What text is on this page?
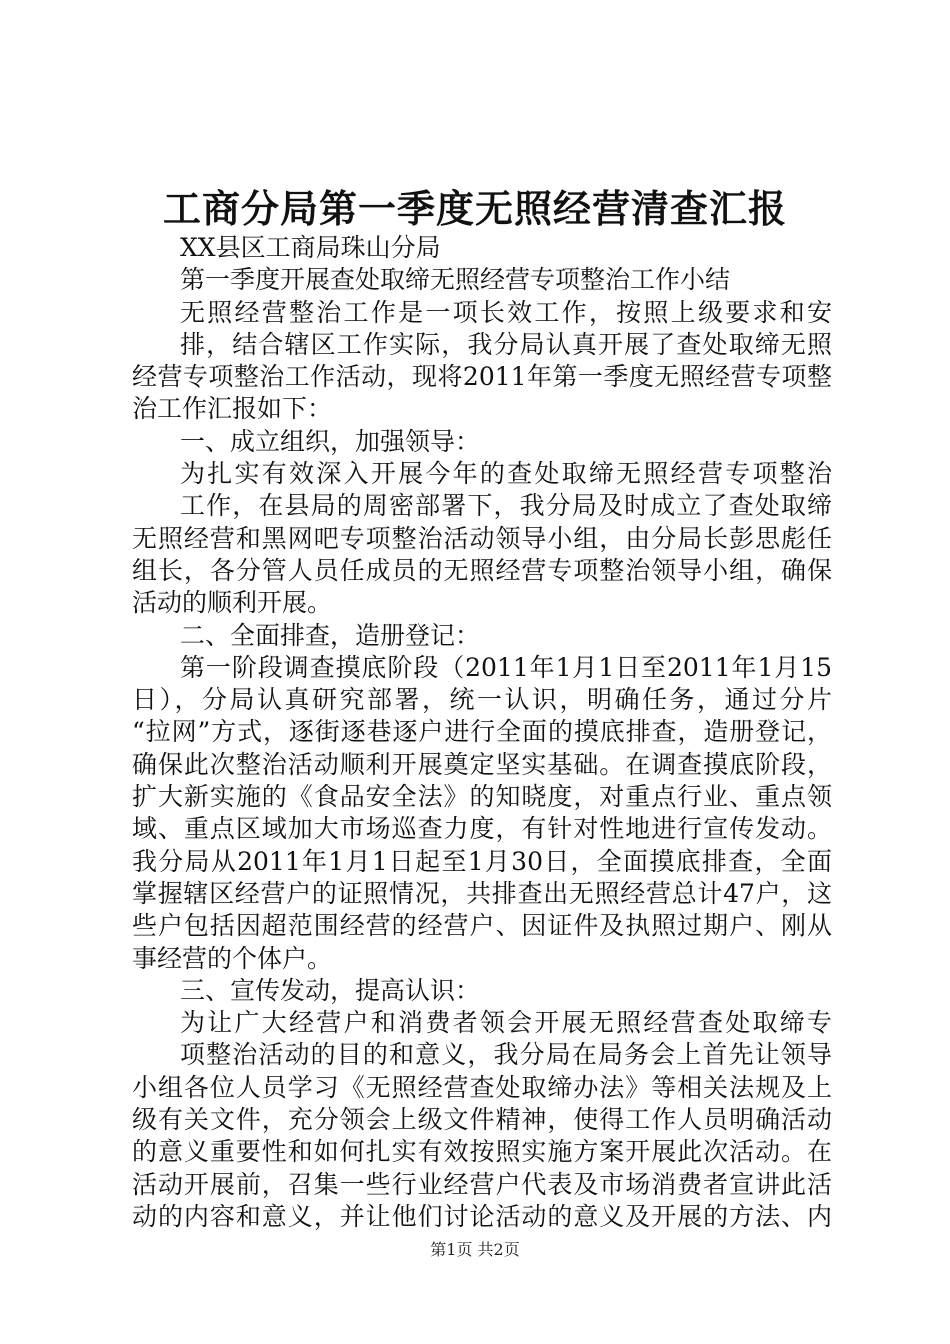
工商分局第一季度无照经营清查汇报
XX县区工商局珠山分局
第一季度开展查处取缔无照经营专项整治工作小结
无照经营整治工作是一项长效工作，按照上级要求和安
排，结合辖区工作实际，我分局认真开展了查处取缔无照
经营专项整治工作活动，现将2011年第一季度无照经营专项整
治工作汇报如下：
一、成立组织，加强领导：
为扎实有效深入开展今年的查处取缔无照经营专项整治
工作，在县局的周密部署下，我分局及时成立了查处取缔
无照经营和黑网吧专项整治活动领导小组，由分局长彭思彪任
组长，各分管人员任成员的无照经营专项整治领导小组，确保
活动的顺利开展。
二、全面排查，造册登记：
第一阶段调查摸底阶段（2011年1月1日至2011年1月15
日），分局认真研究部署，统一认识，明确任务，通过分片
“拉网”方式，逐街逐巷逐户进行全面的摸底排查，造册登记，
确保此次整治活动顺利开展奠定坚实基础。在调查摸底阶段，
扩大新实施的《食品安全法》的知晓度，对重点行业、重点领
域、重点区域加大市场巡查力度，有针对性地进行宣传发动。
我分局从2011年1月1日起至1月30日，全面摸底排查，全面
掌握辖区经营户的证照情况，共排查出无照经营总计47户，这
些户包括因超范围经营的经营户、因证件及执照过期户、刚从
事经营的个体户。
三、宣传发动，提高认识：
为让广大经营户和消费者领会开展无照经营查处取缔专
项整治活动的目的和意义，我分局在局务会上首先让领导
小组各位人员学习《无照经营查处取缔办法》等相关法规及上
级有关文件，充分领会上级文件精神，使得工作人员明确活动
的意义重要性和如何扎实有效按照实施方案开展此次活动。在
活动开展前，召集一些行业经营户代表及市场消费者宣讲此活
动的内容和意义，并让他们讨论活动的意义及开展的方法、内
第1页 共2页
